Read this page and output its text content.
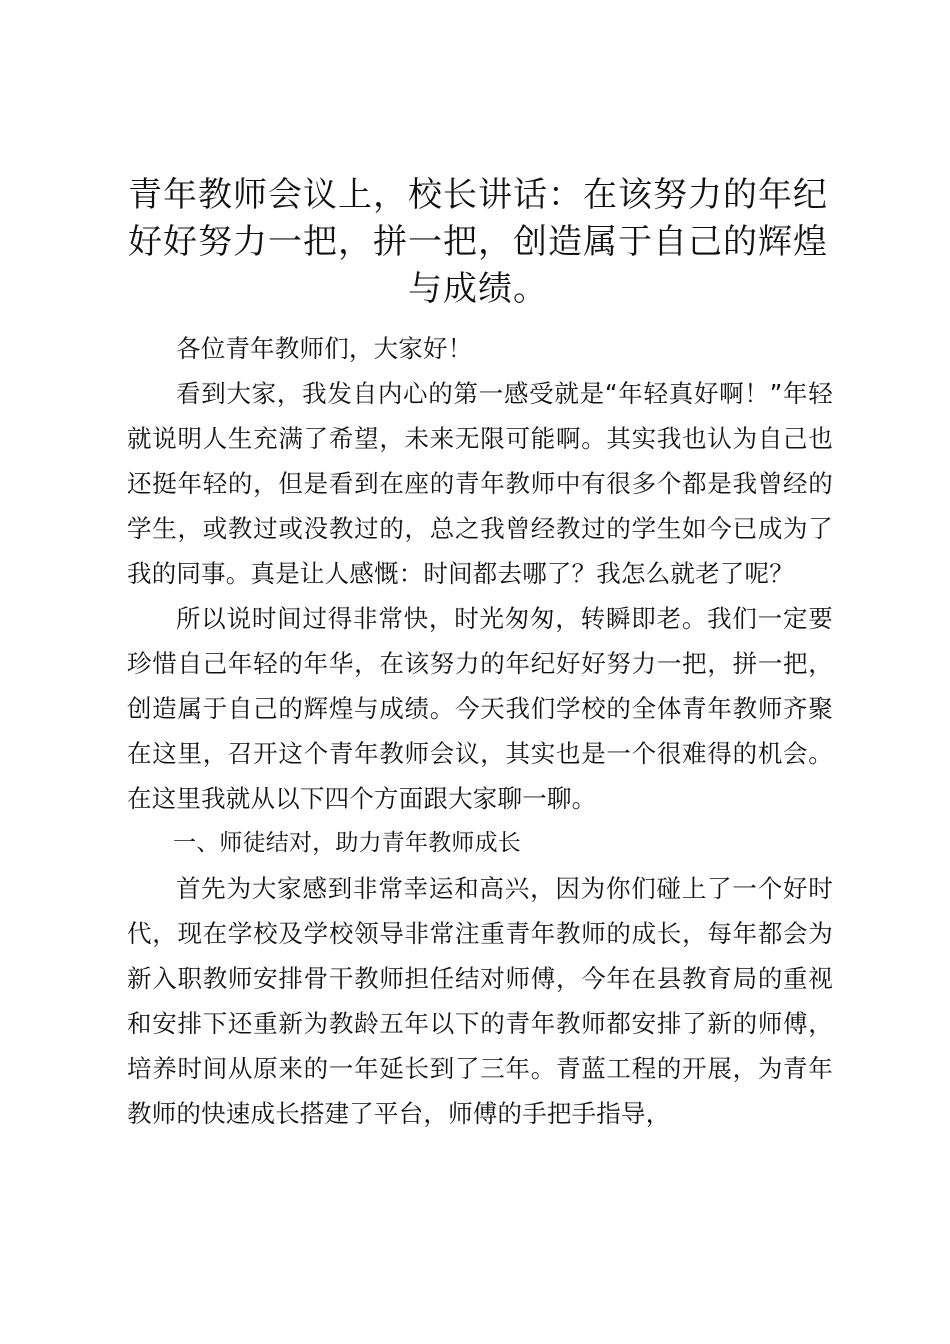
青年教师会议上，校长讲话：在该努力的年纪好好努力一把，拼一把，创造属于自己的辉煌与成绩。

各位青年教师们，大家好！

看到大家，我发自内心的第一感受就是“年轻真好啊！”年轻就说明人生充满了希望，未来无限可能啊。其实我也认为自己也还挺年轻的，但是看到在座的青年教师中有很多个都是我曾经的学生，或教过或没教过的，总之我曾经教过的学生如今已成为了我的同事。真是让人感慨：时间都去哪了？我怎么就老了呢？

所以说时间过得非常快，时光匆匆，转瞬即老。我们一定要珍惜自己年轻的年华，在该努力的年纪好好努力一把，拼一把，创造属于自己的辉煌与成绩。今天我们学校的全体青年教师齐聚在这里，召开这个青年教师会议，其实也是一个很难得的机会。在这里我就从以下四个方面跟大家聊一聊。

一、师徒结对，助力青年教师成长

首先为大家感到非常幸运和高兴，因为你们碰上了一个好时代，现在学校及学校领导非常注重青年教师的成长，每年都会为新入职教师安排骨干教师担任结对师傅，今年在县教育局的重视和安排下还重新为教龄五年以下的青年教师都安排了新的师傅，培养时间从原来的一年延长到了三年。青蓝工程的开展，为青年教师的快速成长搭建了平台，师傅的手把手指导，
